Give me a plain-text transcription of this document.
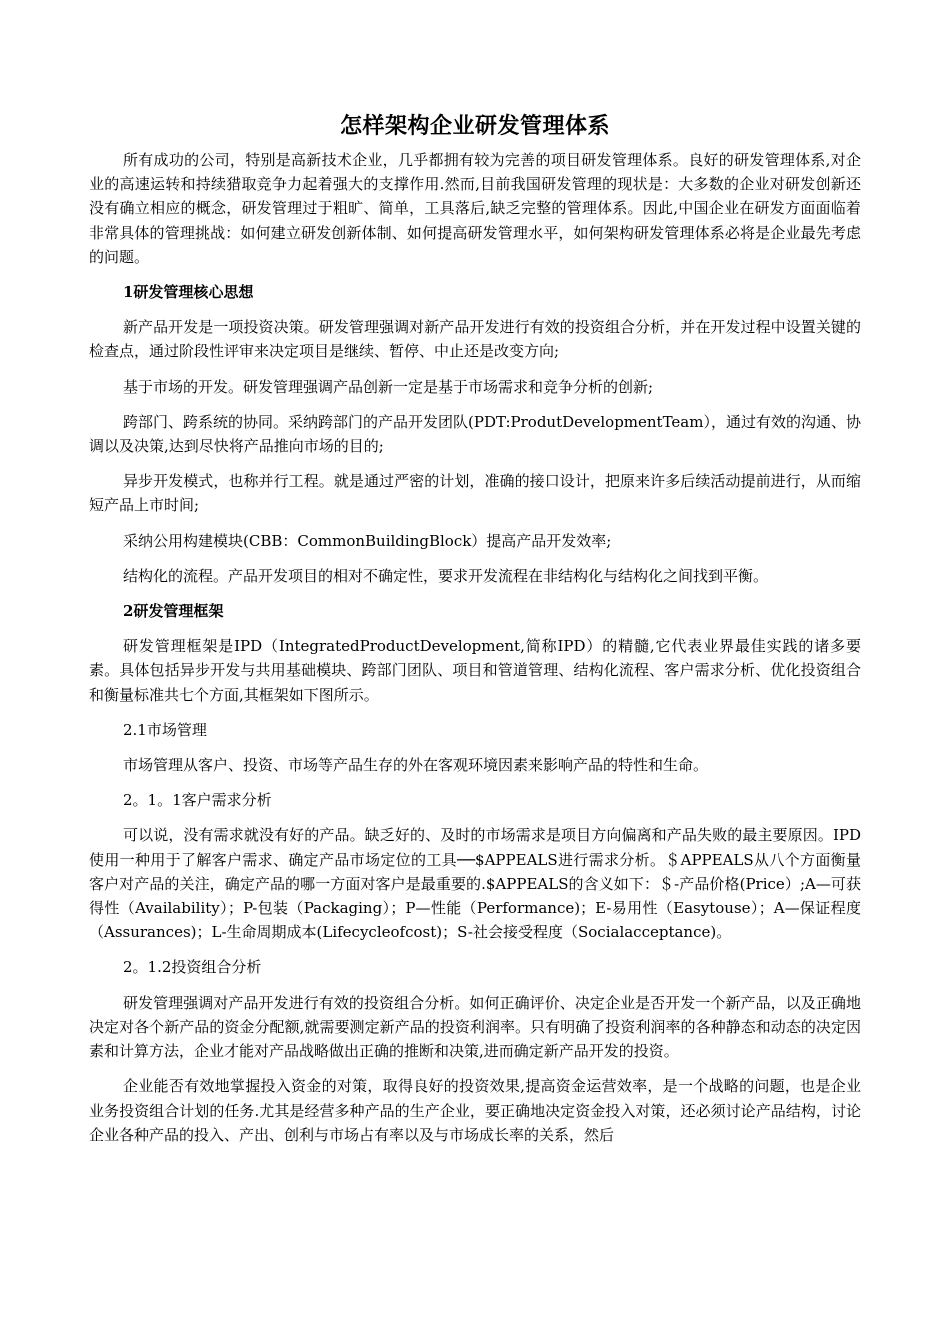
怎样架构企业研发管理体系

所有成功的公司，特别是高新技术企业，几乎都拥有较为完善的项目研发管理体系。良好的研发管理体系,对企业的高速运转和持续猎取竞争力起着强大的支撑作用.然而,目前我国研发管理的现状是：大多数的企业对研发创新还没有确立相应的概念，研发管理过于粗旷、简单，工具落后,缺乏完整的管理体系。因此,中国企业在研发方面面临着非常具体的管理挑战：如何建立研发创新体制、如何提高研发管理水平，如何架构研发管理体系必将是企业最先考虑的问题。

1研发管理核心思想

新产品开发是一项投资决策。研发管理强调对新产品开发进行有效的投资组合分析，并在开发过程中设置关键的检查点，通过阶段性评审来决定项目是继续、暂停、中止还是改变方向;

基于市场的开发。研发管理强调产品创新一定是基于市场需求和竞争分析的创新;

跨部门、跨系统的协同。采纳跨部门的产品开发团队(PDT:ProdutDevelopmentTeam），通过有效的沟通、协调以及决策,达到尽快将产品推向市场的目的;

异步开发模式，也称并行工程。就是通过严密的计划，准确的接口设计，把原来许多后续活动提前进行，从而缩短产品上市时间;

采纳公用构建模块(CBB：CommonBuildingBlock）提高产品开发效率;

结构化的流程。产品开发项目的相对不确定性，要求开发流程在非结构化与结构化之间找到平衡。

2研发管理框架

研发管理框架是IPD（IntegratedProductDevelopment,简称IPD）的精髓,它代表业界最佳实践的诸多要素。具体包括异步开发与共用基础模块、跨部门团队、项目和管道管理、结构化流程、客户需求分析、优化投资组合和衡量标准共七个方面,其框架如下图所示。

2.1市场管理

市场管理从客户、投资、市场等产品生存的外在客观环境因素来影响产品的特性和生命。

2。1。1客户需求分析

可以说，没有需求就没有好的产品。缺乏好的、及时的市场需求是项目方向偏离和产品失败的最主要原因。IPD使用一种用于了解客户需求、确定产品市场定位的工具──$APPEALS进行需求分析。＄APPEALS从八个方面衡量客户对产品的关注，确定产品的哪一方面对客户是最重要的.$APPEALS的含义如下：＄-产品价格(Price）;A—可获得性（Availability）；P-包装（Packaging）；P—性能（Performance)；E-易用性（Easytouse）；A—保证程度（Assurances)；L-生命周期成本(Lifecycleofcost)；S-社会接受程度（Socialacceptance)。

2。1.2投资组合分析

研发管理强调对产品开发进行有效的投资组合分析。如何正确评价、决定企业是否开发一个新产品，以及正确地决定对各个新产品的资金分配额,就需要测定新产品的投资利润率。只有明确了投资利润率的各种静态和动态的决定因素和计算方法，企业才能对产品战略做出正确的推断和决策,进而确定新产品开发的投资。

企业能否有效地掌握投入资金的对策，取得良好的投资效果,提高资金运营效率，是一个战略的问题，也是企业业务投资组合计划的任务.尤其是经营多种产品的生产企业，要正确地决定资金投入对策，还必须讨论产品结构，讨论企业各种产品的投入、产出、创利与市场占有率以及与市场成长率的关系，然后
